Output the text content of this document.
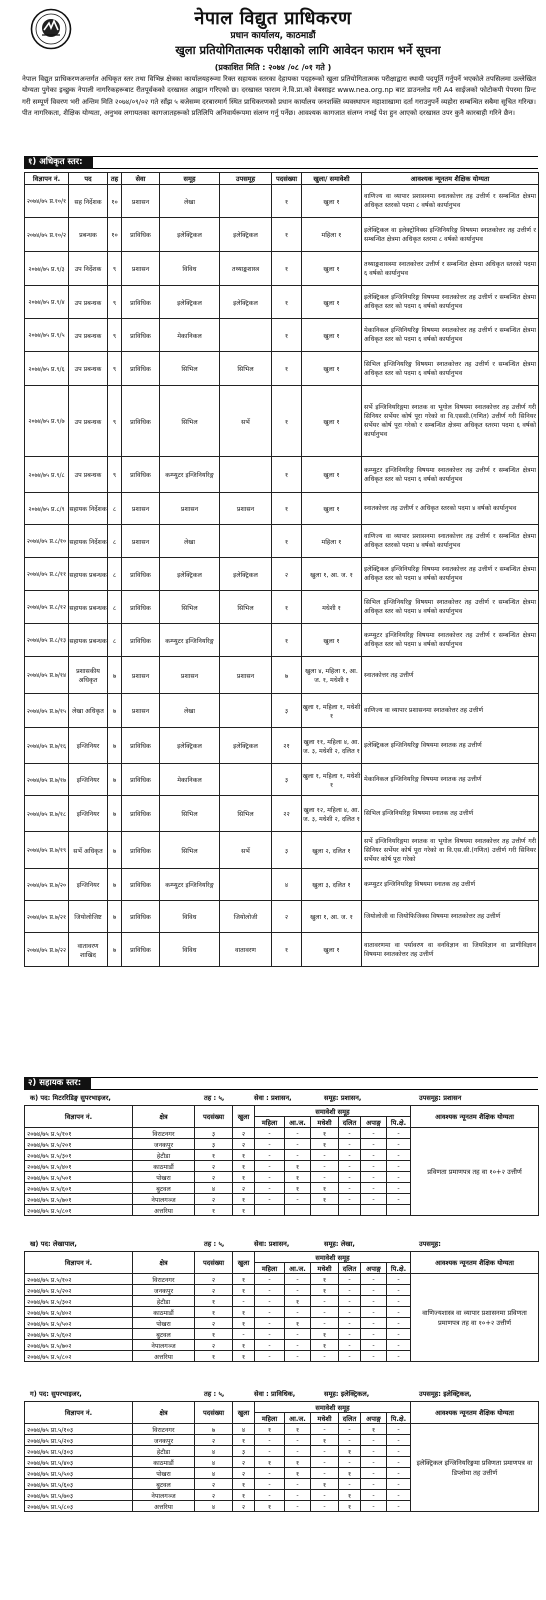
नेपाल विद्युत प्राधिकरण
प्रधान कार्यालय, काठमाडौं
खुला प्रतियोगितात्मक परीक्षाको लागि आवेदन फाराम भर्ने सूचना
(प्रकाशित मिति : २०७४ /०८ /०१ गते )
नेपाल विद्युत प्राधिकरणअन्तर्गत अधिकृत स्तर तथा विभिन्न क्षेत्रका कार्यालयहरूमा रिक्त सहायक स्तरका देहायका पदहरूको खुला प्रतियोगितात्मक परीक्षाद्वारा स्थायी पदपूर्ति गर्नुपर्ने भएकोले तपसिलमा उल्लेखित योग्यता पुगेका इच्छुक नेपाली नागरिकहरूबाट रीतपूर्वकको दरखास्त आह्वान गरिएको छ। दरखास्त फाराम ने.वि.प्रा.को वेबसाइट www.nea.org.np बाट डाउनलोड गरी A4 साईजको फोटोकपी पेपरमा प्रिन्ट गरी सम्पूर्ण विवरण भरी अन्तिम मिति २०७४/०९/०२ गते साँझ ५ बजेसम्म दरबारमार्ग स्थित प्राधिकरणको प्रधान कार्यालय जनशक्ति व्यवस्थापन महाशाखामा दर्ता गराउनुपर्ने व्यहोरा सम्बन्धित सबैमा सूचित गरिन्छ। पीत नागरिकता, शैक्षिक योग्यता, अनुभव लगायतका कागजातहरूको प्रतिलिपि अनिवार्यरूपमा संलग्न गर्नु पर्नेछ। आवश्यक कागजात संलग्न नभई पेश हुन आएको दरखास्त उपर कुनै कारबाही गरिने छैन।
१) अधिकृत स्तर:
विज्ञापन नं.	पद	तह	सेवा	समूह	उपसमूह	पदसंख्या	खुला/ समावेशी	आवश्यक न्यूनतम शैक्षिक योग्यता
२०७४/७५ प्र.१०/१	सह निर्देशक	१०	प्रशासन	लेखा		१	खुला १	वाणिज्य वा व्यापार प्रशासनमा स्नातकोत्तर तह उत्तीर्ण र सम्बन्धित क्षेत्रमा अधिकृत स्तरको पदमा ८ वर्षको कार्यानुभव
२०७४/७५ प्र.१०/२	प्रबन्धक	१०	प्राविधिक	इलेक्ट्रिकल	इलेक्ट्रिकल	१	महिला १	इलेक्ट्रिकल वा इलेक्ट्रोनिक्स इन्जिनियरिङ्ग विषयमा स्नातकोत्तर तह उत्तीर्ण र सम्बन्धित क्षेत्रमा अधिकृत स्तरमा ८ वर्षको कार्यानुभव
२०७४/७५ प्र.९/३	उप निर्देशक	९	प्रशासन	विविध	तथ्याङ्कशास्त्र	१	खुला १	तथ्याङ्कशास्त्रमा स्नातकोत्तर उत्तीर्ण र सम्बन्धित क्षेत्रमा अधिकृत स्तरको पदमा ६ वर्षको कार्यानुभव
२०७४/७५ प्र.९/४	उप प्रबन्धक	९	प्राविधिक	इलेक्ट्रिकल	इलेक्ट्रिकल	१	खुला १	इलेक्ट्रिकल इन्जिनियरिङ्ग विषयमा स्नातकोत्तर तह उत्तीर्ण र सम्बन्धित क्षेत्रमा अधिकृत स्तर को पदमा ६ वर्षको कार्यानुभव
२०७४/७५ प्र.९/५	उप प्रबन्धक	९	प्राविधिक	मेकानिकल		१	खुला १	मेकानिकल इन्जिनियरिङ्ग विषयमा स्नातकोत्तर तह उत्तीर्ण र सम्बन्धित क्षेत्रमा अधिकृत स्तर को पदमा ६ वर्षको कार्यानुभव
२०७४/७५ प्र.९/६	उप प्रबन्धक	९	प्राविधिक	सिभिल	सिभिल	१	खुला १	सिभिल इन्जिनियरिङ्ग विषयमा स्नातकोत्तर तह उत्तीर्ण र सम्बन्धित क्षेत्रमा अधिकृत स्तर को पदमा ६ वर्षको कार्यानुभव
२०७४/७५ प्र.९/७	उप प्रबन्धक	९	प्राविधिक	सिभिल	सर्भे	१	खुला १	सर्भे इन्जिनियरिङ्गमा स्नातक वा भूगोल विषयमा स्नातकोत्तर तह उत्तीर्ण गरी सिनियर सर्भेयर कोर्ष पूरा गरेको वा वि.एससी.(गणित) उत्तीर्ण गरी सिनियर सर्भेयर कोर्ष पूरा गरेको र सम्बन्धित क्षेत्रमा अधिकृत स्तरमा पदमा ६ वर्षको कार्यानुभव
२०७४/७५ प्र.९/८	उप प्रबन्धक	९	प्राविधिक	कम्प्युटर इन्जिनियरिङ्ग		१	खुला १	कम्प्युटर इन्जिनियरिङ्ग विषयमा स्नातकोत्तर तह उत्तीर्ण र सम्बन्धित क्षेत्रमा अधिकृत स्तर को पदमा ६ वर्षको कार्यानुभव
२०७४/७५ प्र.८/९	सहायक निर्देशक	८	प्रशासन	प्रशासन	प्रशासन	१	खुला १	स्नातकोत्तर तह उत्तीर्ण र अधिकृत स्तरको पदमा ४ वर्षको कार्यानुभव
२०७४/७५ प्र.८/१०	सहायक निर्देशक	८	प्रशासन	लेखा		१	महिला १	वाणिज्य वा व्यापार प्रशासनमा स्नातकोत्तर तह उत्तीर्ण र सम्बन्धित क्षेत्रमा अधिकृत स्तरको पदमा ४ वर्षको कार्यानुभव
२०७४/७५ प्र.८/११	सहायक प्रबन्धक	८	प्राविधिक	इलेक्ट्रिकल	इलेक्ट्रिकल	२	खुला १, आ. ज. १	इलेक्ट्रिकल इन्जिनियरिङ्ग विषयमा स्नातकोत्तर तह उत्तीर्ण र सम्बन्धित क्षेत्रमा अधिकृत स्तर को पदमा ४ वर्षको कार्यानुभव
२०७४/७५ प्र.८/१२	सहायक प्रबन्धक	८	प्राविधिक	सिभिल	सिभिल	१	मधेशी १	सिभिल इन्जिनियरिङ्ग विषयमा स्नातकोत्तर तह उत्तीर्ण र सम्बन्धित क्षेत्रमा अधिकृत स्तर को पदमा ४ वर्षको कार्यानुभव
२०७४/७५ प्र.८/१३	सहायक प्रबन्धक	८	प्राविधिक	कम्प्युटर इन्जिनियरिङ्ग		१	खुला १	कम्प्युटर इन्जिनियरिङ्ग विषयमा स्नातकोत्तर तह उत्तीर्ण र सम्बन्धित क्षेत्रमा अधिकृत स्तर को पदमा ४ वर्षको कार्यानुभव
२०७४/७५ प्र.७/१४	प्रशासकीय अधिकृत	७	प्रशासन	प्रशासन	प्रशासन	७	खुला ४, महिला १, आ. ज. १, मधेशी १	स्नातकोत्तर तह उत्तीर्ण
२०७४/७५ प्र.७/१५	लेखा अधिकृत	७	प्रशासन	लेखा		३	खुला १, महिला १, मधेशी १	वाणिज्य वा व्यापार प्रशासनमा स्नातकोत्तर तह उत्तीर्ण
२०७४/७५ प्र.७/१६	इन्जिनियर	७	प्राविधिक	इलेक्ट्रिकल	इलेक्ट्रिकल	२१	खुला ११, महिला ४, आ. ज. ३, मधेशी २, दलित १	इलेक्ट्रिकल इन्जिनियरिङ्ग विषयमा स्नातक तह उत्तीर्ण
२०७४/७५ प्र.७/१७	इन्जिनियर	७	प्राविधिक	मेकानिकल		३	खुला १, महिला १, मधेशी १	मेकानिकल इन्जिनियरिङ्ग विषयमा स्नातक तह उत्तीर्ण
२०७४/७५ प्र.७/१८	इन्जिनियर	७	प्राविधिक	सिभिल	सिभिल	२२	खुला १२, महिला ४, आ. ज. ३, मधेशी २, दलित १	सिभिल इन्जिनियरिङ्ग विषयमा स्नातक तह उत्तीर्ण
२०७४/७५ प्र.७/१९	सर्भे अधिकृत	७	प्राविधिक	सिभिल	सर्भे	३	खुला २, दलित १	सर्भे इन्जिनियरिङ्गमा स्नातक वा भूगोल विषयमा स्नातकोत्तर तह उत्तीर्ण गरी सिनियर सर्भेयर कोर्ष पूरा गरेको वा वि.एस.सी.(गणित) उत्तीर्ण गरी सिनियर सर्भेयर कोर्ष पूरा गरेको
२०७४/७५ प्र.७/२०	इन्जिनियर	७	प्राविधिक	कम्प्युटर इन्जिनियरिङ्ग		४	खुला ३, दलित १	कम्प्युटर इन्जिनियरिङ्ग विषयमा स्नातक तह उत्तीर्ण
२०७४/७५ प्र.७/२१	जियोलोजिष्ट	७	प्राविधिक	विविध	जियोलोजी	२	खुला १, आ. ज. १	जियोलोजी वा जियोफिजिक्स विषयमा स्नातकोत्तर तह उत्तीर्ण
२०७४/७५ प्र.७/२२	वातावरण शाखिद	७	प्राविधिक	विविध	वातावरण	१	खुला १	वातावरणमा वा पर्यावरण वा वनविज्ञान वा जियविज्ञान वा प्राणीविज्ञान विषयमा स्नातकोत्तर तह उत्तीर्ण
२) सहायक स्तर:
क) पद: मिटररिडिङ्ग सुपरभाइजर,	तह : ५,	सेवा : प्रशासन,	समूह: प्रशासन,	उपसमूह: प्रशासन
विज्ञापन नं.	क्षेत्र	पदसंख्या	खुला	समावेशी समूह						आवश्यक न्यूनतम शैक्षिक योग्यता
				महिला	आ.ज.	मधेशी	दलित	अपाङ्ग	पि.क्षे.	
२०७४/७५ प्र.५/१०१	विराटनगर	३	२	-	-	१	-	-	-	प्रविणता प्रमाणपत्र तह वा १०+२ उत्तीर्ण
२०७४/७५ प्र.५/२०१	जनकपुर	३	२	-	-	१	-	-	-	
२०७४/७५ प्र.५/३०१	हेटौडा	१	१	-	-	-	-	-	-	
२०७४/७५ प्र.५/४०१	काठमाडौं	२	१	-	१	-	-	-	-	
२०७४/७५ प्र.५/५०१	पोखरा	२	१	-	१	-	-	-	-	
२०७४/७५ प्र.५/६०१	बुटवल	४	२	-	१	१	-	-	-	
२०७४/७५ प्र.५/७०१	नेपालगञ्ज	२	१	-	-	१	-	-	-	
२०७४/७५ प्र.५/८०१	अत्तरिया	१	१							
ख) पद: लेखापाल,	तह : ५,	सेवा: प्रशासन,	समूह: लेखा,	उपसमूह:
विज्ञापन नं.	क्षेत्र	पदसंख्या	खुला	समावेशी समूह						आवश्यक न्यूनतम शैक्षिक योग्यता
				महिला	आ.ज.	मधेशी	दलित	अपाङ्ग	पि.क्षे.	
२०७४/७५ प्र.५/१०२	विराटनगर	२	१	-	-	१	-	-	-	वाणिज्यशास्त्र वा व्यापार प्रशासनमा प्रविणता प्रमाणपत्र तह वा १०+२ उत्तीर्ण
२०७४/७५ प्र.५/२०२	जनकपुर	२	१	-	-	१	-	-	-	
२०७४/७५ प्र.५/३०२	हेटौडा	१	-	-	१	-	-	-	-	
२०७४/७५ प्र.५/४०२	काठमाडौं	१	१	-	-	-	-	-	-	
२०७४/७५ प्र.५/५०२	पोखरा	२	१	-	१	-	-	-	-	
२०७४/७५ प्र.५/६०२	बुटवल	१	-	-	-	१	-	-	-	
२०७४/७५ प्र.५/७०२	नेपालगञ्ज	२	१	-	-	१	-	-	-	
२०७४/७५ प्र.५/८०२	अत्तरिया	१	१	-	-	-	-	-	-	
ग) पद: सुपरभाइजर,	तह : ५,	सेवा : प्राविधिक,	समूह: इलेक्ट्रिकल,	उपसमूह: इलेक्ट्रिकल,
विज्ञापन नं.	क्षेत्र	पदसंख्या	खुला	समावेशी समूह						आवश्यक न्यूनतम शैक्षिक योग्यता
				महिला	आ.ज.	मधेशी	दलित	अपाङ्ग	पि.क्षे.	
२०७४/७५ प्रा.५/१०३	विराटनगर	७	४	१	१	-	-	१	-	इलेक्ट्रिकल इन्जिनियरिङ्गमा प्रविणता प्रमाणपत्र वा डिप्लोमा तह उत्तीर्ण
२०७४/७५ प्रा.५/२०३	जनकपुर	२	१	-	-	१	-	-	-	
२०७४/७५ प्रा.५/३०३	हेटौडा	४	३	-	-	-	१	-	-	
२०७४/७५ प्रा.५/४०३	काठमाडौं	४	२	१	१	-	-	-	-	
२०७४/७५ प्रा.५/५०३	पोखरा	४	२	-	१	-	१	-	-	
२०७४/७५ प्रा.५/६०३	बुटवल	२	१	-	-	१	-	-	-	
२०७४/७५ प्रा.५/७०३	नेपालगञ्ज	२	१	-	-	-	१	-	-	
२०७४/७५ प्रा.५/८०३	अत्तरिया	४	२	१	-	-	१	-	-	
